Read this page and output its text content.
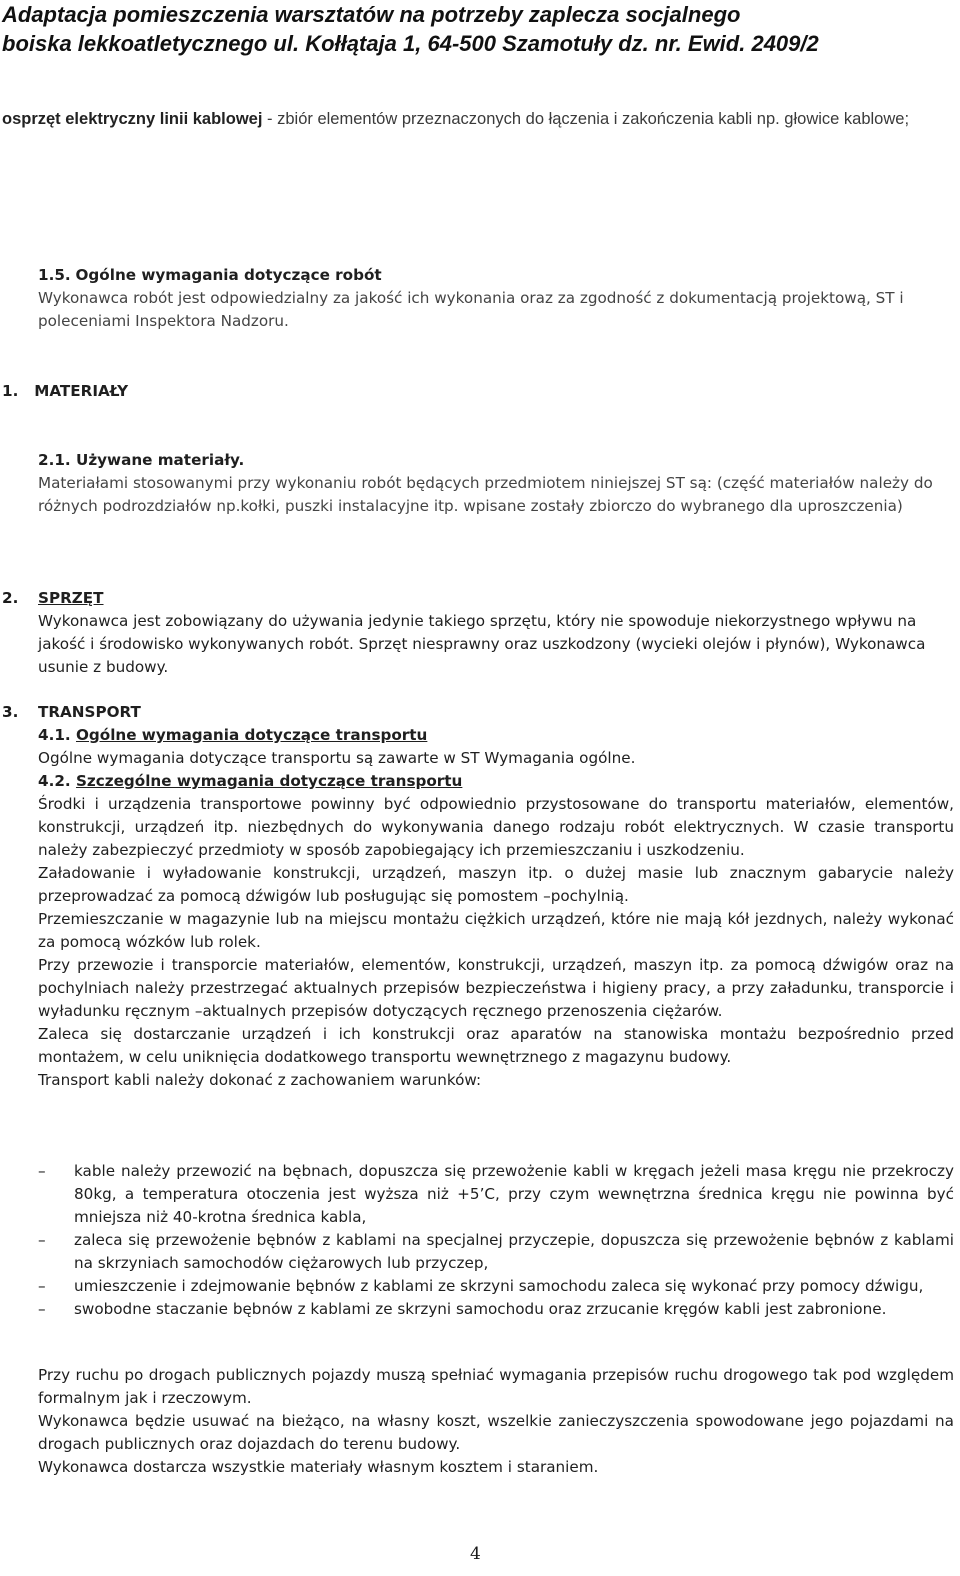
Adaptacja pomieszczenia warsztatów na potrzeby zaplecza socjalnego
boiska lekkoatletycznego ul. Kołłątaja 1, 64-500 Szamotuły dz. nr. Ewid. 2409/2
osprzęt elektryczny linii kablowej - zbiór elementów przeznaczonych do łączenia i zakończenia kabli np. głowice kablowe;

1.5. Ogólne wymagania dotyczące robót

Wykonawca robót jest odpowiedzialny za jakość ich wykonania oraz za zgodność z dokumentacją projektową, ST i poleceniami Inspektora Nadzoru.

1. MATERIAŁY

2.1. Używane materiały.

Materiałami stosowanymi przy wykonaniu robót będących przedmiotem niniejszej ST są: (część materiałów należy do różnych podrozdziałów np.kołki, puszki instalacyjne itp. wpisane zostały zbiorczo do wybranego dla uproszczenia)

2.	SPRZĘT

Wykonawca jest zobowiązany do używania jedynie takiego sprzętu, który nie spowoduje niekorzystnego wpływu na jakość i środowisko wykonywanych robót. Sprzęt niesprawny oraz uszkodzony (wycieki olejów i płynów), Wykonawca usunie z budowy.

3.	TRANSPORT

4.1. Ogólne wymagania dotyczące transportu

Ogólne wymagania dotyczące transportu są zawarte w ST Wymagania ogólne.

4.2. Szczególne wymagania dotyczące transportu

Środki i urządzenia transportowe powinny być odpowiednio przystosowane do transportu materiałów, elementów, konstrukcji, urządzeń itp. niezbędnych do wykonywania danego rodzaju robót elektrycznych. W czasie transportu należy zabezpieczyć przedmioty w sposób zapobiegający ich przemieszczaniu i uszkodzeniu.

Załadowanie i wyładowanie konstrukcji, urządzeń, maszyn itp. o dużej masie lub znacznym gabarycie należy przeprowadzać za pomocą dźwigów lub posługując się pomostem –pochylnią.

Przemieszczanie w magazynie lub na miejscu montażu ciężkich urządzeń, które nie mają kół jezdnych, należy wykonać za pomocą wózków lub rolek.

Przy przewozie i transporcie materiałów, elementów, konstrukcji, urządzeń, maszyn itp. za pomocą dźwigów oraz na pochylniach należy przestrzegać aktualnych przepisów bezpieczeństwa i higieny pracy, a przy załadunku, transporcie i wyładunku ręcznym –aktualnych przepisów dotyczących ręcznego przenoszenia ciężarów.

Zaleca się dostarczanie urządzeń i ich konstrukcji oraz aparatów na stanowiska montażu bezpośrednio przed montażem, w celu uniknięcia dodatkowego transportu wewnętrznego z magazynu budowy.

Transport kabli należy dokonać z zachowaniem warunków:

– kable należy przewozić na bębnach, dopuszcza się przewożenie kabli w kręgach jeżeli masa kręgu nie przekroczy 80kg, a temperatura otoczenia jest wyższa niż +5’C, przy czym wewnętrzna średnica kręgu nie powinna być mniejsza niż 40-krotna średnica kabla,
– zaleca się przewożenie bębnów z kablami na specjalnej przyczepie, dopuszcza się przewożenie bębnów z kablami na skrzyniach samochodów ciężarowych lub przyczep,
– umieszczenie i zdejmowanie bębnów z kablami ze skrzyni samochodu zaleca się wykonać przy pomocy dźwigu,
– swobodne staczanie bębnów z kablami ze skrzyni samochodu oraz zrzucanie kręgów kabli jest zabronione.

Przy ruchu po drogach publicznych pojazdy muszą spełniać wymagania przepisów ruchu drogowego tak pod względem formalnym jak i rzeczowym.

Wykonawca będzie usuwać na bieżąco, na własny koszt, wszelkie zanieczyszczenia spowodowane jego pojazdami na drogach publicznych oraz dojazdach do terenu budowy.

Wykonawca dostarcza wszystkie materiały własnym kosztem i staraniem.

4
